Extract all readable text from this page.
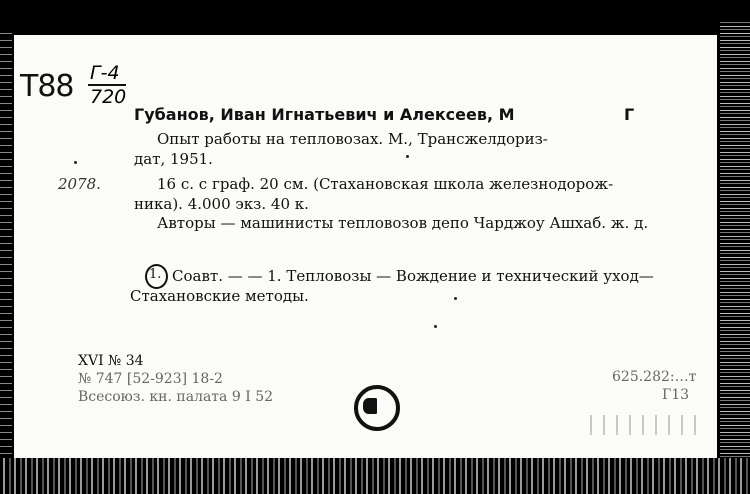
Т88 Г-4
720
Губанов, Иван Игнатьевич и Алексеев, М	Г
Опыт работы на тепловозах. М., Трансжелдориз-
дат, 1951.
2078.	16 с. с граф. 20 см. (Стахановская школа железнодорож-
ника). 4.000 экз. 40 к.
Авторы — машинисты тепловозов депо Чарджоу Ашхаб. ж. д.
1. Соавт. — — 1. Тепловозы — Вождение и технический уход—
Стахановские методы.
XVI № 34
№ 747 [52-923] 18-2
Всесоюз. кн. палата 9 I 52
625.282:…т
Г13
